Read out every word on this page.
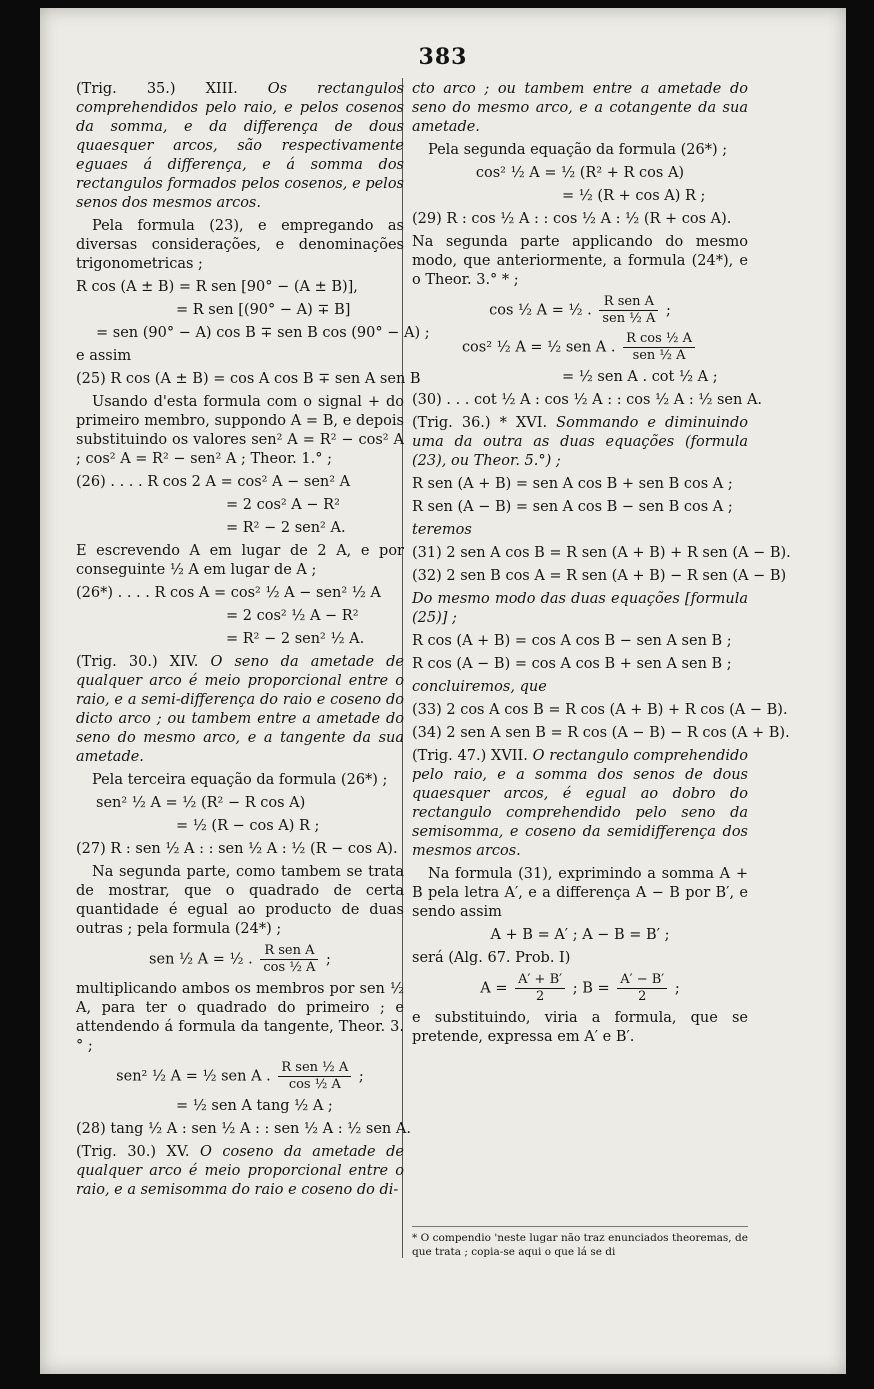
383

(Trig. 35.) XIII. Os rectangulos comprehendidos pelo raio, e pelos cosenos da somma, e da differença de dous quaesquer arcos, são respectivamente eguaes á differença, e á somma dos rectangulos formados pelos cosenos, e pelos senos dos mesmos arcos.

Pela formula (23), e empregando as diversas considerações, e denominações trigonometricas ;

R cos (A ± B) = R sen [90° − (A ± B)],
= R sen [(90° − A) ∓ B]
= sen (90° − A) cos B ∓ sen B cos (90° − A) ;

e assim

(25) R cos (A ± B) = cos A cos B ∓ sen A sen B

Usando d'esta formula com o signal + do primeiro membro, suppondo A = B, e depois substituindo os valores sen² A = R² − cos² A ; cos² A = R² − sen² A ; Theor. 1.° ;

(26) . . . . R cos 2 A = cos² A − sen² A
= 2 cos² A − R²
= R² − 2 sen² A.

E escrevendo A em lugar de 2 A, e por conseguinte ½ A em lugar de A ;

(26*) . . . . R cos A = cos² ½ A − sen² ½ A
= 2 cos² ½ A − R²
= R² − 2 sen² ½ A.

(Trig. 30.) XIV. O seno da ametade de qualquer arco é meio proporcional entre o raio, e a semi-differença do raio e coseno do dicto arco ; ou tambem entre a ametade do seno do mesmo arco, e a tangente da sua ametade.

Pela terceira equação da formula (26*) ;

sen² ½ A = ½ (R² − R cos A)
= ½ (R − cos A) R ;
(27) R : sen ½ A : : sen ½ A : ½ (R − cos A).

Na segunda parte, como tambem se trata de mostrar, que o quadrado de certa quantidade é egual ao producto de duas outras ; pela formula (24*) ;

sen ½ A = ½ . $\frac{\text{R sen A}}{\text{cos ½ A}}$ ;

multiplicando ambos os membros por sen ½ A, para ter o quadrado do primeiro ; e attendendo á formula da tangente, Theor. 3.° ;

sen² ½ A = ½ sen A . $\frac{\text{R sen ½ A}}{\text{cos ½ A}}$ ;
= ½ sen A tang ½ A ;
(28) tang ½ A : sen ½ A : : sen ½ A : ½ sen A.

(Trig. 30.) XV. O coseno da ametade de qualquer arco é meio proporcional entre o raio, e a semisomma do raio e coseno do di-

cto arco ; ou tambem entre a ametade do seno do mesmo arco, e a cotangente da sua ametade.

Pela segunda equação da formula (26*) ;

cos² ½ A = ½ (R² + R cos A)
= ½ (R + cos A) R ;
(29) R : cos ½ A : : cos ½ A : ½ (R + cos A).

Na segunda parte applicando do mesmo modo, que anteriormente, a formula (24*), e o Theor. 3.° * ;

cos ½ A = ½ . $\frac{\text{R sen A}}{\text{sen ½ A}}$ ;
cos² ½ A = ½ sen A . $\frac{\text{R cos ½ A}}{\text{sen ½ A}}$
= ½ sen A . cot ½ A ;
(30) . . . cot ½ A : cos ½ A : : cos ½ A : ½ sen A.

(Trig. 36.) * XVI. Sommando e diminuindo uma da outra as duas equações (formula (23), ou Theor. 5.°) ;

R sen (A + B) = sen A cos B + sen B cos A ;
R sen (A − B) = sen A cos B − sen B cos A ;

teremos

(31) 2 sen A cos B = R sen (A + B) + R sen (A − B).
(32) 2 sen B cos A = R sen (A + B) − R sen (A − B)

Do mesmo modo das duas equações [formula (25)] ;

R cos (A + B) = cos A cos B − sen A sen B ;
R cos (A − B) = cos A cos B + sen A sen B ;

concluiremos, que

(33) 2 cos A cos B = R cos (A + B) + R cos (A − B).
(34) 2 sen A sen B = R cos (A − B) − R cos (A + B).

(Trig. 47.) XVII. O rectangulo comprehendido pelo raio, e a somma dos senos de dous quaesquer arcos, é egual ao dobro do rectangulo comprehendido pelo seno da semisomma, e coseno da semidifferença dos mesmos arcos.

Na formula (31), exprimindo a somma A + B pela letra A′, e a differença A − B por B′, e sendo assim

A + B = A′ ; A − B = B′ ;

será (Alg. 67. Prob. I)

$A = \frac{A' + B'}{2}$ ; $B = \frac{A' - B'}{2}$ ;

e substituindo, viria a formula, que se pretende, expressa em A′ e B′.

* O compendio 'neste lugar não traz enunciados theoremas, de que trata ; copia-se aqui o que lá se di
